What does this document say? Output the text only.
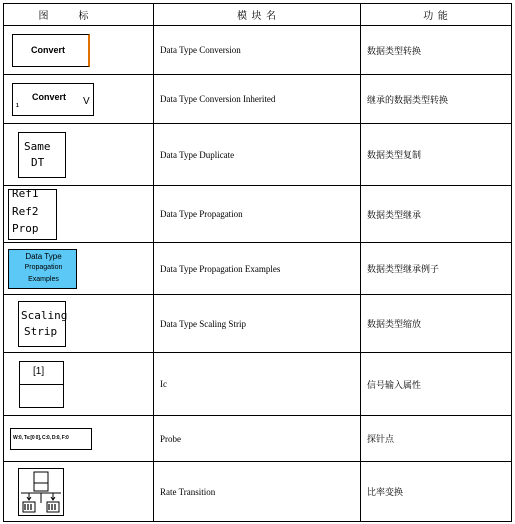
图标	模 块 名	功 能

Convert	Data Type Conversion	数据类型转换

Convert V
1	Data Type Conversion Inherited	继承的数据类型转换

Same
DT	Data Type Duplicate	数据类型复制

Ref1
Ref2
Prop	Data Type Propagation	数据类型继承

Data Type
Propagation
Examples	Data Type Propagation Examples	数据类型继承例子

Scaling
Strip	Data Type Scaling Strip	数据类型缩放

[1]	Ic	信号输入属性

W:0, Ts:[0 0], C:0, D:0, F:0	Probe	探针点

	Rate Transition	比率变换
